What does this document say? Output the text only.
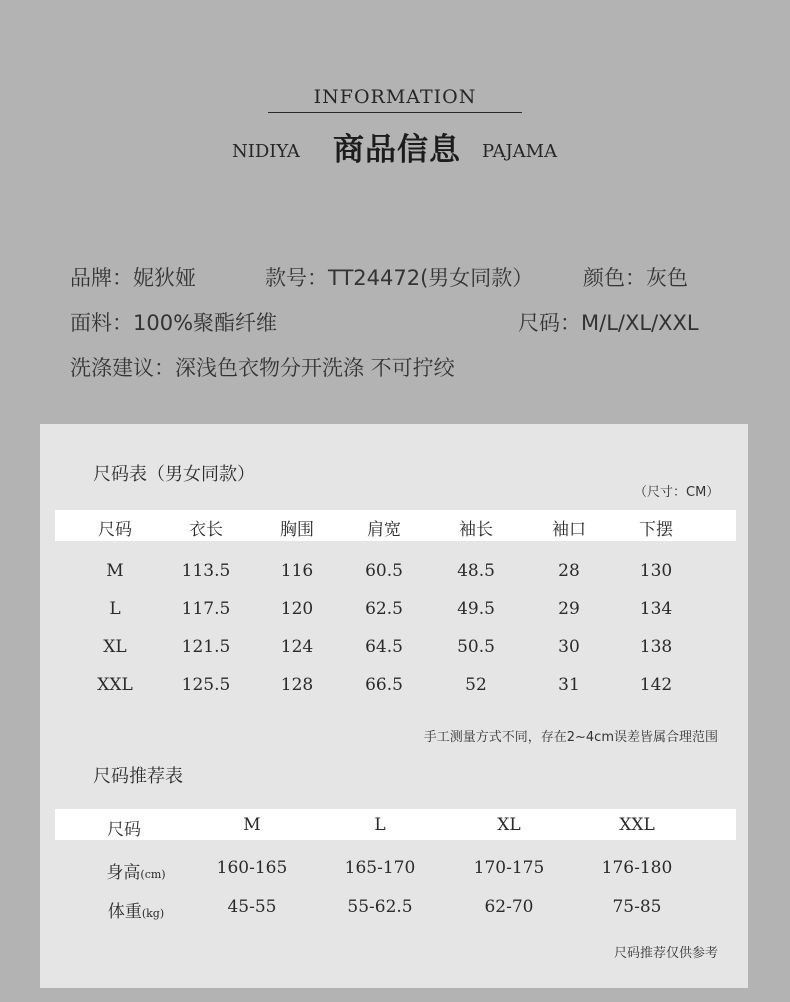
INFORMATION
NIDIYA 商品信息 PAJAMA
品牌：妮狄娅	款号：TT24472(男女同款） 颜色：灰色
面料：100%聚酯纤维	尺码：M/L/XL/XXL
洗涤建议：深浅色衣物分开洗涤 不可拧绞
尺码表（男女同款）
（尺寸：CM）
尺码	衣长	胸围	肩宽	袖长	袖口	下摆
M	113.5	116	60.5	48.5	28	130
L	117.5	120	62.5	49.5	29	134
XL	121.5	124	64.5	50.5	30	138
XXL	125.5	128	66.5	52	31	142
手工测量方式不同，存在2~4cm误差皆属合理范围
尺码推荐表
尺码	M	L	XL	XXL
身高(cm)	160-165	165-170	170-175	176-180
体重(kg)	45-55	55-62.5	62-70	75-85
尺码推荐仅供参考
